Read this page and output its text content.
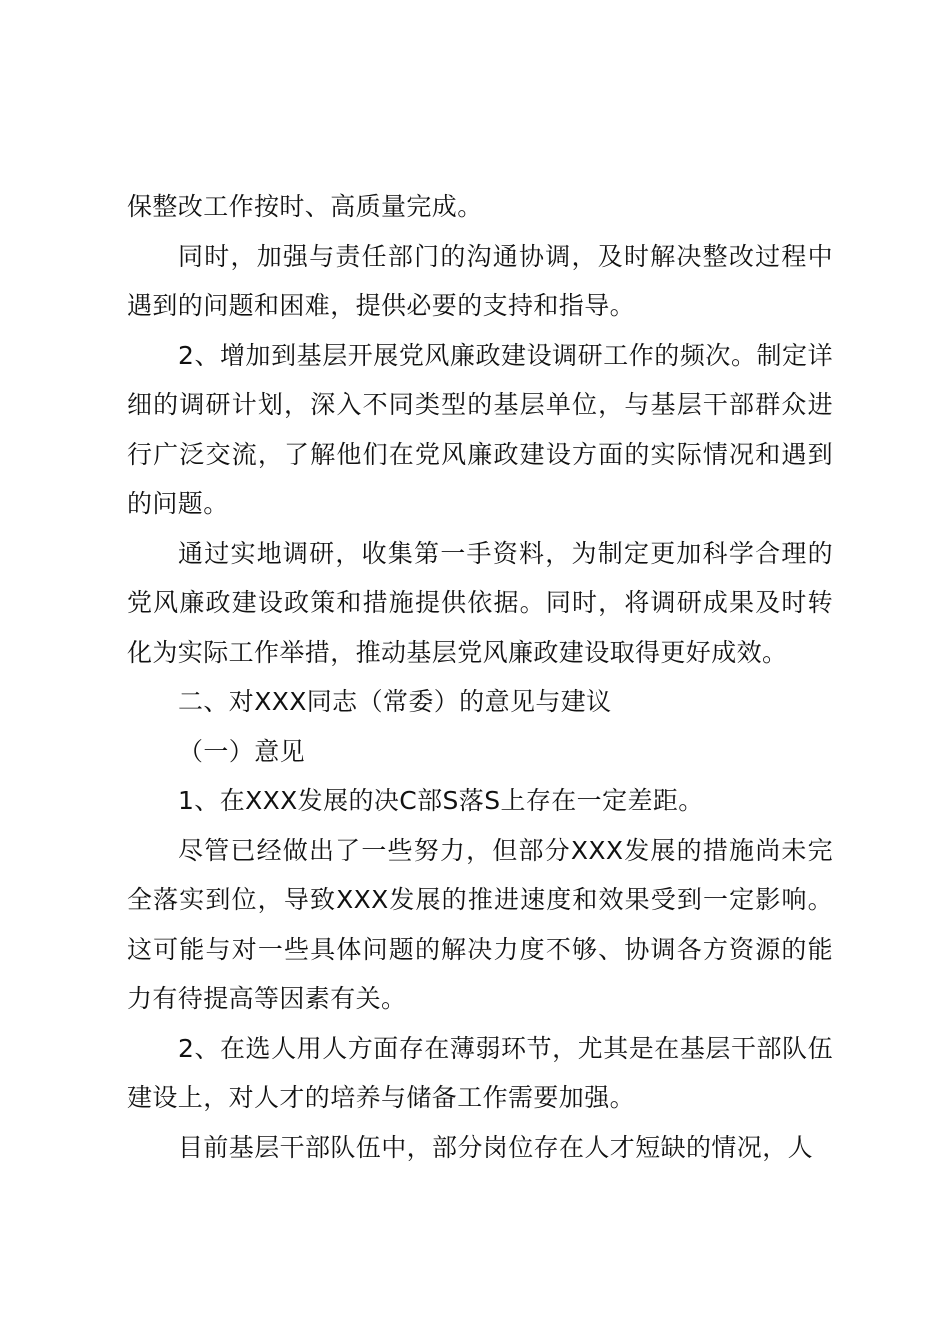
保整改工作按时、高质量完成。

同时，加强与责任部门的沟通协调，及时解决整改过程中遇到的问题和困难，提供必要的支持和指导。

2、增加到基层开展党风廉政建设调研工作的频次。制定详细的调研计划，深入不同类型的基层单位，与基层干部群众进行广泛交流，了解他们在党风廉政建设方面的实际情况和遇到的问题。

通过实地调研，收集第一手资料，为制定更加科学合理的党风廉政建设政策和措施提供依据。同时，将调研成果及时转化为实际工作举措，推动基层党风廉政建设取得更好成效。

二、对XXX同志（常委）的意见与建议

（一）意见

1、在XXX发展的决C部S落S上存在一定差距。

尽管已经做出了一些努力，但部分XXX发展的措施尚未完全落实到位，导致XXX发展的推进速度和效果受到一定影响。这可能与对一些具体问题的解决力度不够、协调各方资源的能力有待提高等因素有关。

2、在选人用人方面存在薄弱环节，尤其是在基层干部队伍建设上，对人才的培养与储备工作需要加强。

目前基层干部队伍中，部分岗位存在人才短缺的情况，人
